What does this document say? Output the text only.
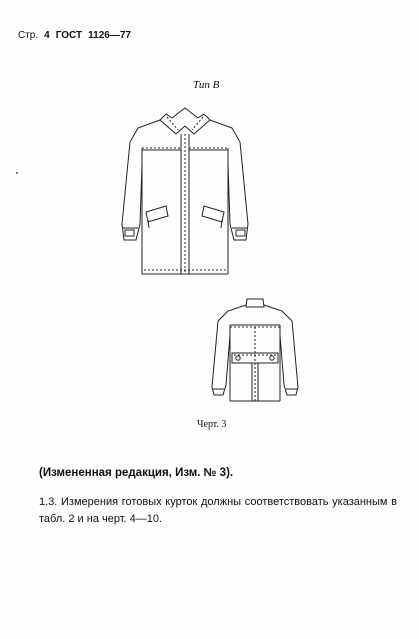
Стр. 4 ГОСТ 1126—77
Тип В
Черт. 3
(Измененная редакция, Изм. № 3).
1.3. Измерения готовых курток должны соответствовать указанным в табл. 2 и на черт. 4—10.
